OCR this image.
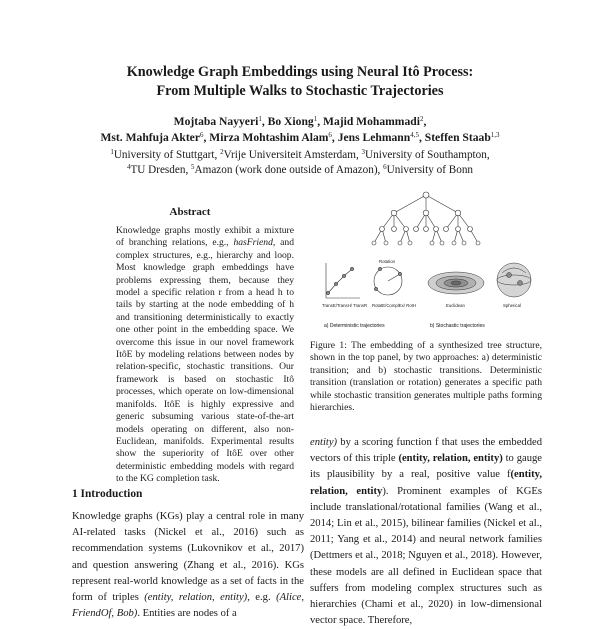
Knowledge Graph Embeddings using Neural Itô Process:
From Multiple Walks to Stochastic Trajectories
Mojtaba Nayyeri$^1$, Bo Xiong$^1$, Majid Mohammadi$^2$,
Mst. Mahfuja Akter$^6$, Mirza Mohtashim Alam$^6$, Jens Lehmann$^{4,5}$, Steffen Staab$^{1,3}$
$^1$University of Stuttgart, $^2$Vrije Universiteit Amsterdam, $^3$University of Southampton,
$^4$TU Dresden, $^5$Amazon (work done outside of Amazon), $^6$University of Bonn
Abstract

Knowledge graphs mostly exhibit a mixture of branching relations, e.g., hasFriend, and complex structures, e.g., hierarchy and loop. Most knowledge graph embeddings have problems expressing them, because they model a specific relation r from a head h to tails by starting at the node embedding of h and transitioning deterministically to exactly one other point in the embedding space. We overcome this issue in our novel framework ItôE by modeling relations between nodes by relation-specific, stochastic transitions. Our framework is based on stochastic Itô processes, which operate on low-dimensional manifolds. ItôE is highly expressive and generic subsuming various state-of-the-art models operating on different, also non-Euclidean, manifolds. Experimental results show the superiority of ItôE over other deterministic embedding models with regard to the KG completion task.

1 Introduction

Knowledge graphs (KGs) play a central role in many AI-related tasks (Nickel et al., 2016) such as recommendation systems (Lukovnikov et al., 2017) and question answering (Zhang et al., 2016). KGs represent real-world knowledge as a set of facts in the form of triples (entity, relation, entity), e.g. (Alice, FriendOf, Bob). Entities are nodes of a

TransE/TransH/ TransR
Rotation
RotatE/ComplEx/ RotH	Euclidean	Spherical
a) Deterministic trajectories	b) Stochastic trajectories

Figure 1: The embedding of a synthesized tree structure, shown in the top panel, by two approaches: a) deterministic transition; and b) stochastic transitions. Deterministic transition (translation or rotation) generates a specific path while stochastic transition generates multiple paths forming hierarchies.

entity) by a scoring function f that uses the embedded vectors of this triple (entity, relation, entity) to gauge its plausibility by a real, positive value f(entity, relation, entity). Prominent examples of KGEs include translational/rotational families (Wang et al., 2014; Lin et al., 2015), bilinear families (Nickel et al., 2011; Yang et al., 2014) and neural network families (Dettmers et al., 2018; Nguyen et al., 2018). However, these models are all defined in Euclidean space that suffers from modeling complex structures such as hierarchies (Chami et al., 2020) in low-dimensional vector space. Therefore,
